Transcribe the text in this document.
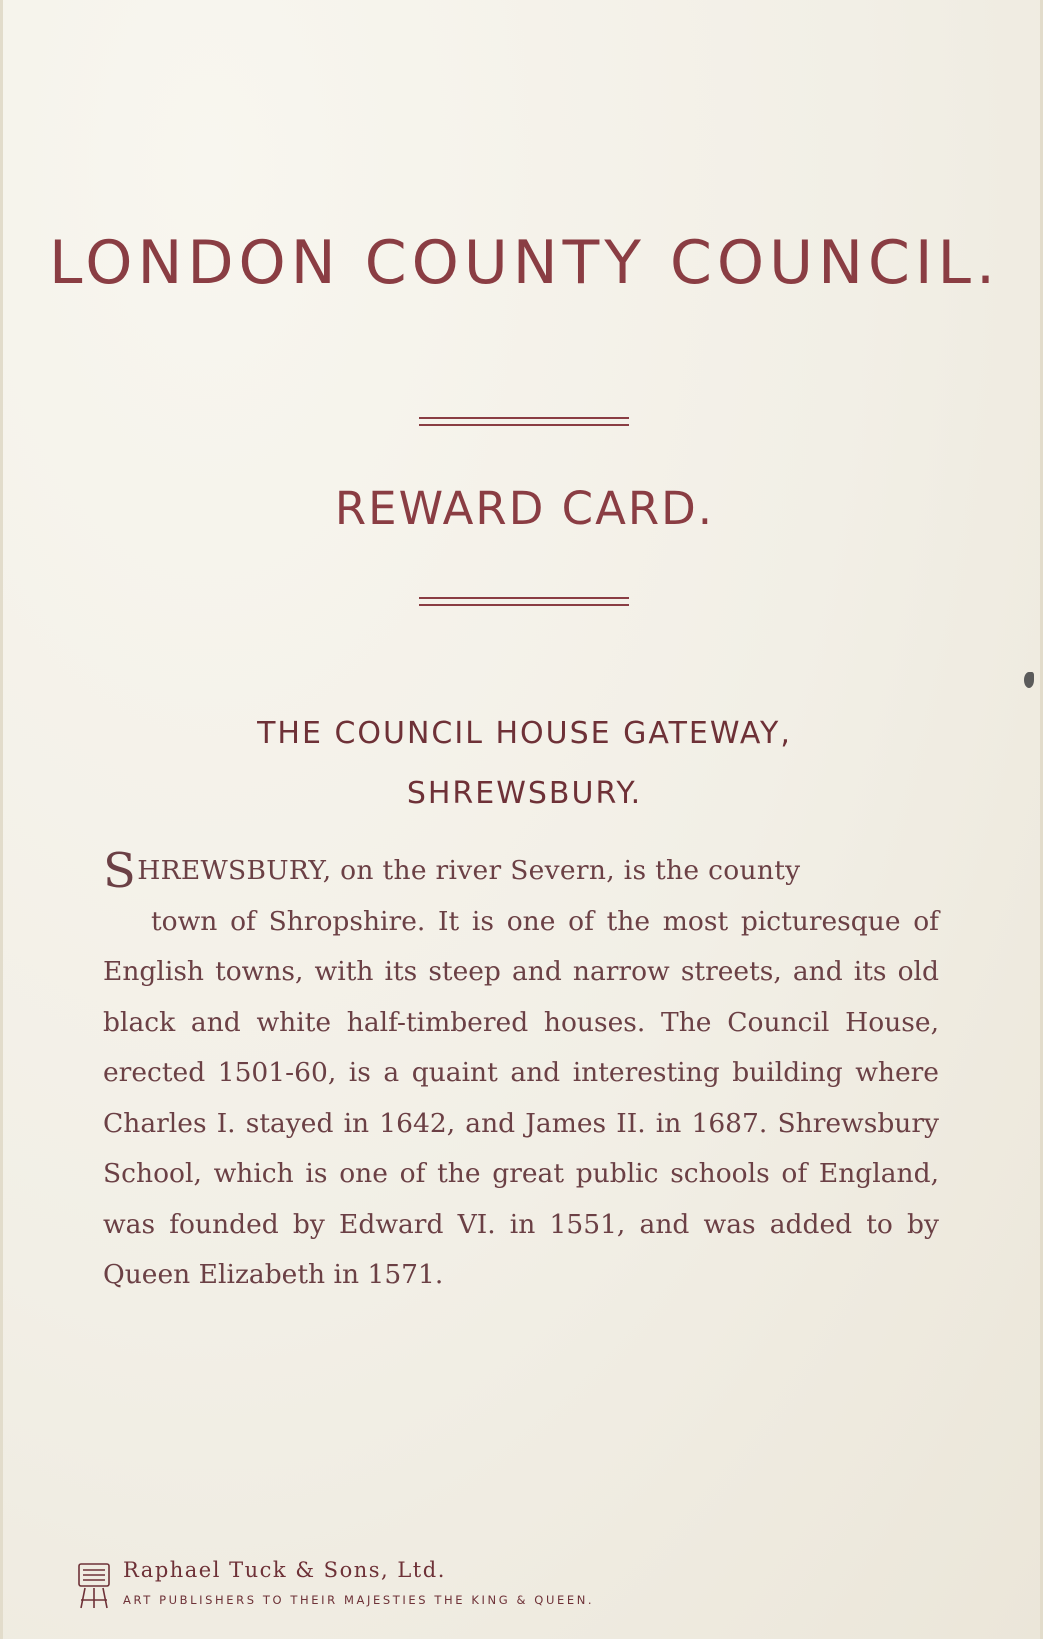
LONDON COUNTY COUNCIL.
REWARD CARD.
THE COUNCIL HOUSE GATEWAY,
SHREWSBURY.
SHREWSBURY, on the river Severn, is the county
town of Shropshire. It is one of the most picturesque of English towns, with its steep and narrow streets, and its old black and white half-timbered houses. The Council House, erected 1501-60, is a quaint and interesting building where Charles I. stayed in 1642, and James II. in 1687. Shrewsbury School, which is one of the great public schools of England, was founded by Edward VI. in 1551, and was added to by Queen Elizabeth in 1571.
Raphael Tuck & Sons, Ltd.
ART PUBLISHERS TO THEIR MAJESTIES THE KING & QUEEN.
